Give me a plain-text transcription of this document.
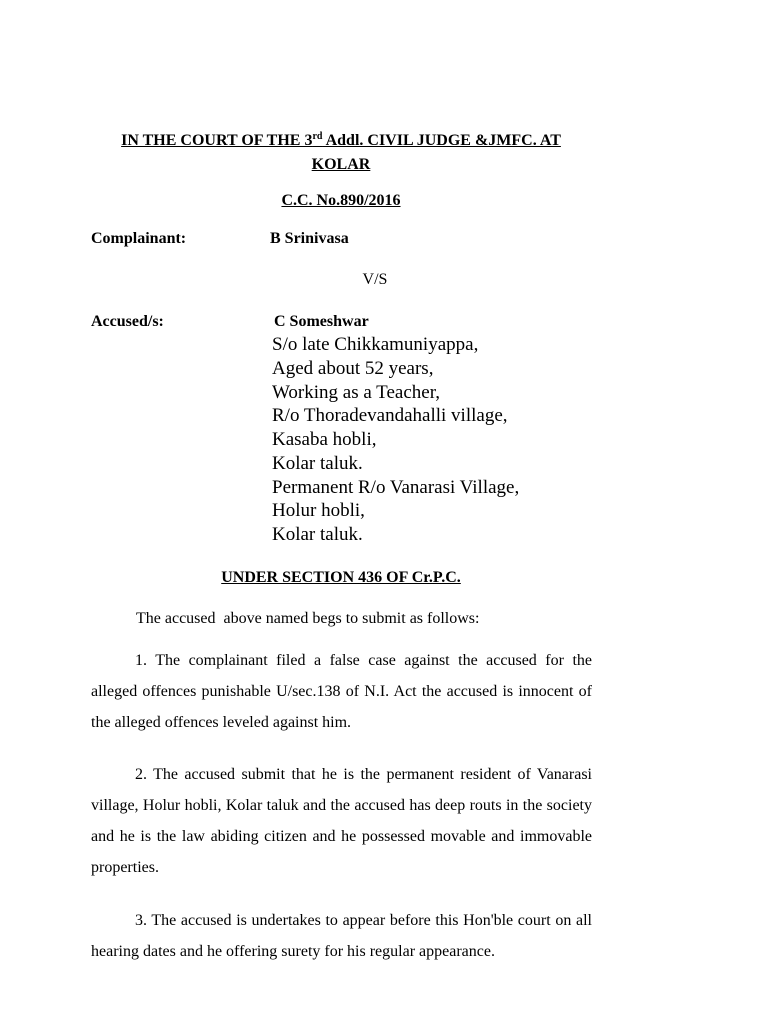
IN THE COURT OF THE 3rd Addl. CIVIL JUDGE &JMFC. AT
KOLAR
C.C. No.890/2016
Complainant:	B Srinivasa
V/S
Accused/s:	C Someshwar
S/o late Chikkamuniyappa,
Aged about 52 years,
Working as a Teacher,
R/o Thoradevandahalli village,
Kasaba hobli,
Kolar taluk.
Permanent R/o Vanarasi Village,
Holur hobli,
Kolar taluk.
UNDER SECTION 436 OF Cr.P.C.
The accused  above named begs to submit as follows:

1. The complainant filed a false case against the accused for the alleged offences punishable U/sec.138 of N.I. Act the accused is innocent of the alleged offences leveled against him.

2. The accused submit that he is the permanent resident of Vanarasi village, Holur hobli, Kolar taluk and the accused has deep routs in the society and he is the law abiding citizen and he possessed movable and immovable properties.

3. The accused is undertakes to appear before this Hon'ble court on all hearing dates and he offering surety for his regular appearance.
